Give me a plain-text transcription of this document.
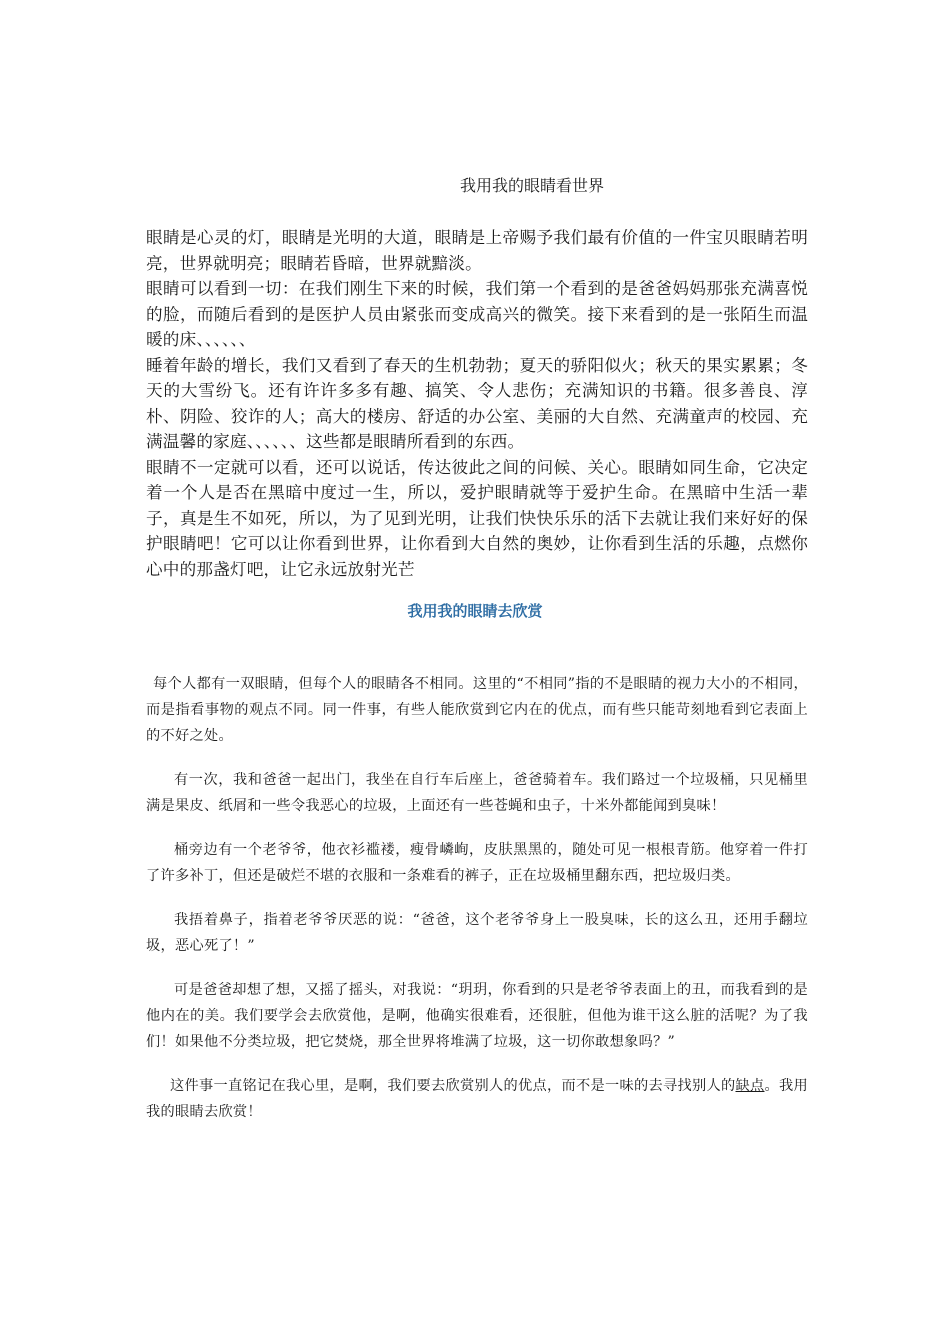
我用我的眼睛看世界

眼睛是心灵的灯，眼睛是光明的大道，眼睛是上帝赐予我们最有价值的一件宝贝眼睛若明亮，世界就明亮；眼睛若昏暗，世界就黯淡。

眼睛可以看到一切：在我们刚生下来的时候，我们第一个看到的是爸爸妈妈那张充满喜悦的脸，而随后看到的是医护人员由紧张而变成高兴的微笑。接下来看到的是一张陌生而温暖的床、、、、、、

睡着年龄的增长，我们又看到了春天的生机勃勃；夏天的骄阳似火；秋天的果实累累；冬天的大雪纷飞。还有许许多多有趣、搞笑、令人悲伤；充满知识的书籍。很多善良、淳朴、阴险、狡诈的人；高大的楼房、舒适的办公室、美丽的大自然、充满童声的校园、充满温馨的家庭、、、、、、这些都是眼睛所看到的东西。

眼睛不一定就可以看，还可以说话，传达彼此之间的问候、关心。眼睛如同生命，它决定着一个人是否在黑暗中度过一生，所以，爱护眼睛就等于爱护生命。在黑暗中生活一辈子，真是生不如死，所以，为了见到光明，让我们快快乐乐的活下去就让我们来好好的保护眼睛吧！它可以让你看到世界，让你看到大自然的奥妙，让你看到生活的乐趣，点燃你心中的那盏灯吧，让它永远放射光芒

我用我的眼睛去欣赏

每个人都有一双眼睛，但每个人的眼睛各不相同。这里的“不相同”指的不是眼睛的视力大小的不相同，而是指看事物的观点不同。同一件事，有些人能欣赏到它内在的优点，而有些只能苛刻地看到它表面上的不好之处。

有一次，我和爸爸一起出门，我坐在自行车后座上，爸爸骑着车。我们路过一个垃圾桶，只见桶里满是果皮、纸屑和一些令我恶心的垃圾，上面还有一些苍蝇和虫子，十米外都能闻到臭味！

桶旁边有一个老爷爷，他衣衫褴褛，瘦骨嶙峋，皮肤黑黑的，随处可见一根根青筋。他穿着一件打了许多补丁，但还是破烂不堪的衣服和一条难看的裤子，正在垃圾桶里翻东西，把垃圾归类。

我捂着鼻子，指着老爷爷厌恶的说：“爸爸，这个老爷爷身上一股臭味，长的这么丑，还用手翻垃圾，恶心死了！”

可是爸爸却想了想，又摇了摇头，对我说：“玥玥，你看到的只是老爷爷表面上的丑，而我看到的是他内在的美。我们要学会去欣赏他，是啊，他确实很难看，还很脏，但他为谁干这么脏的活呢？为了我们！如果他不分类垃圾，把它焚烧，那全世界将堆满了垃圾，这一切你敢想象吗？”

这件事一直铭记在我心里，是啊，我们要去欣赏别人的优点，而不是一味的去寻找别人的缺点。我用我的眼睛去欣赏！
